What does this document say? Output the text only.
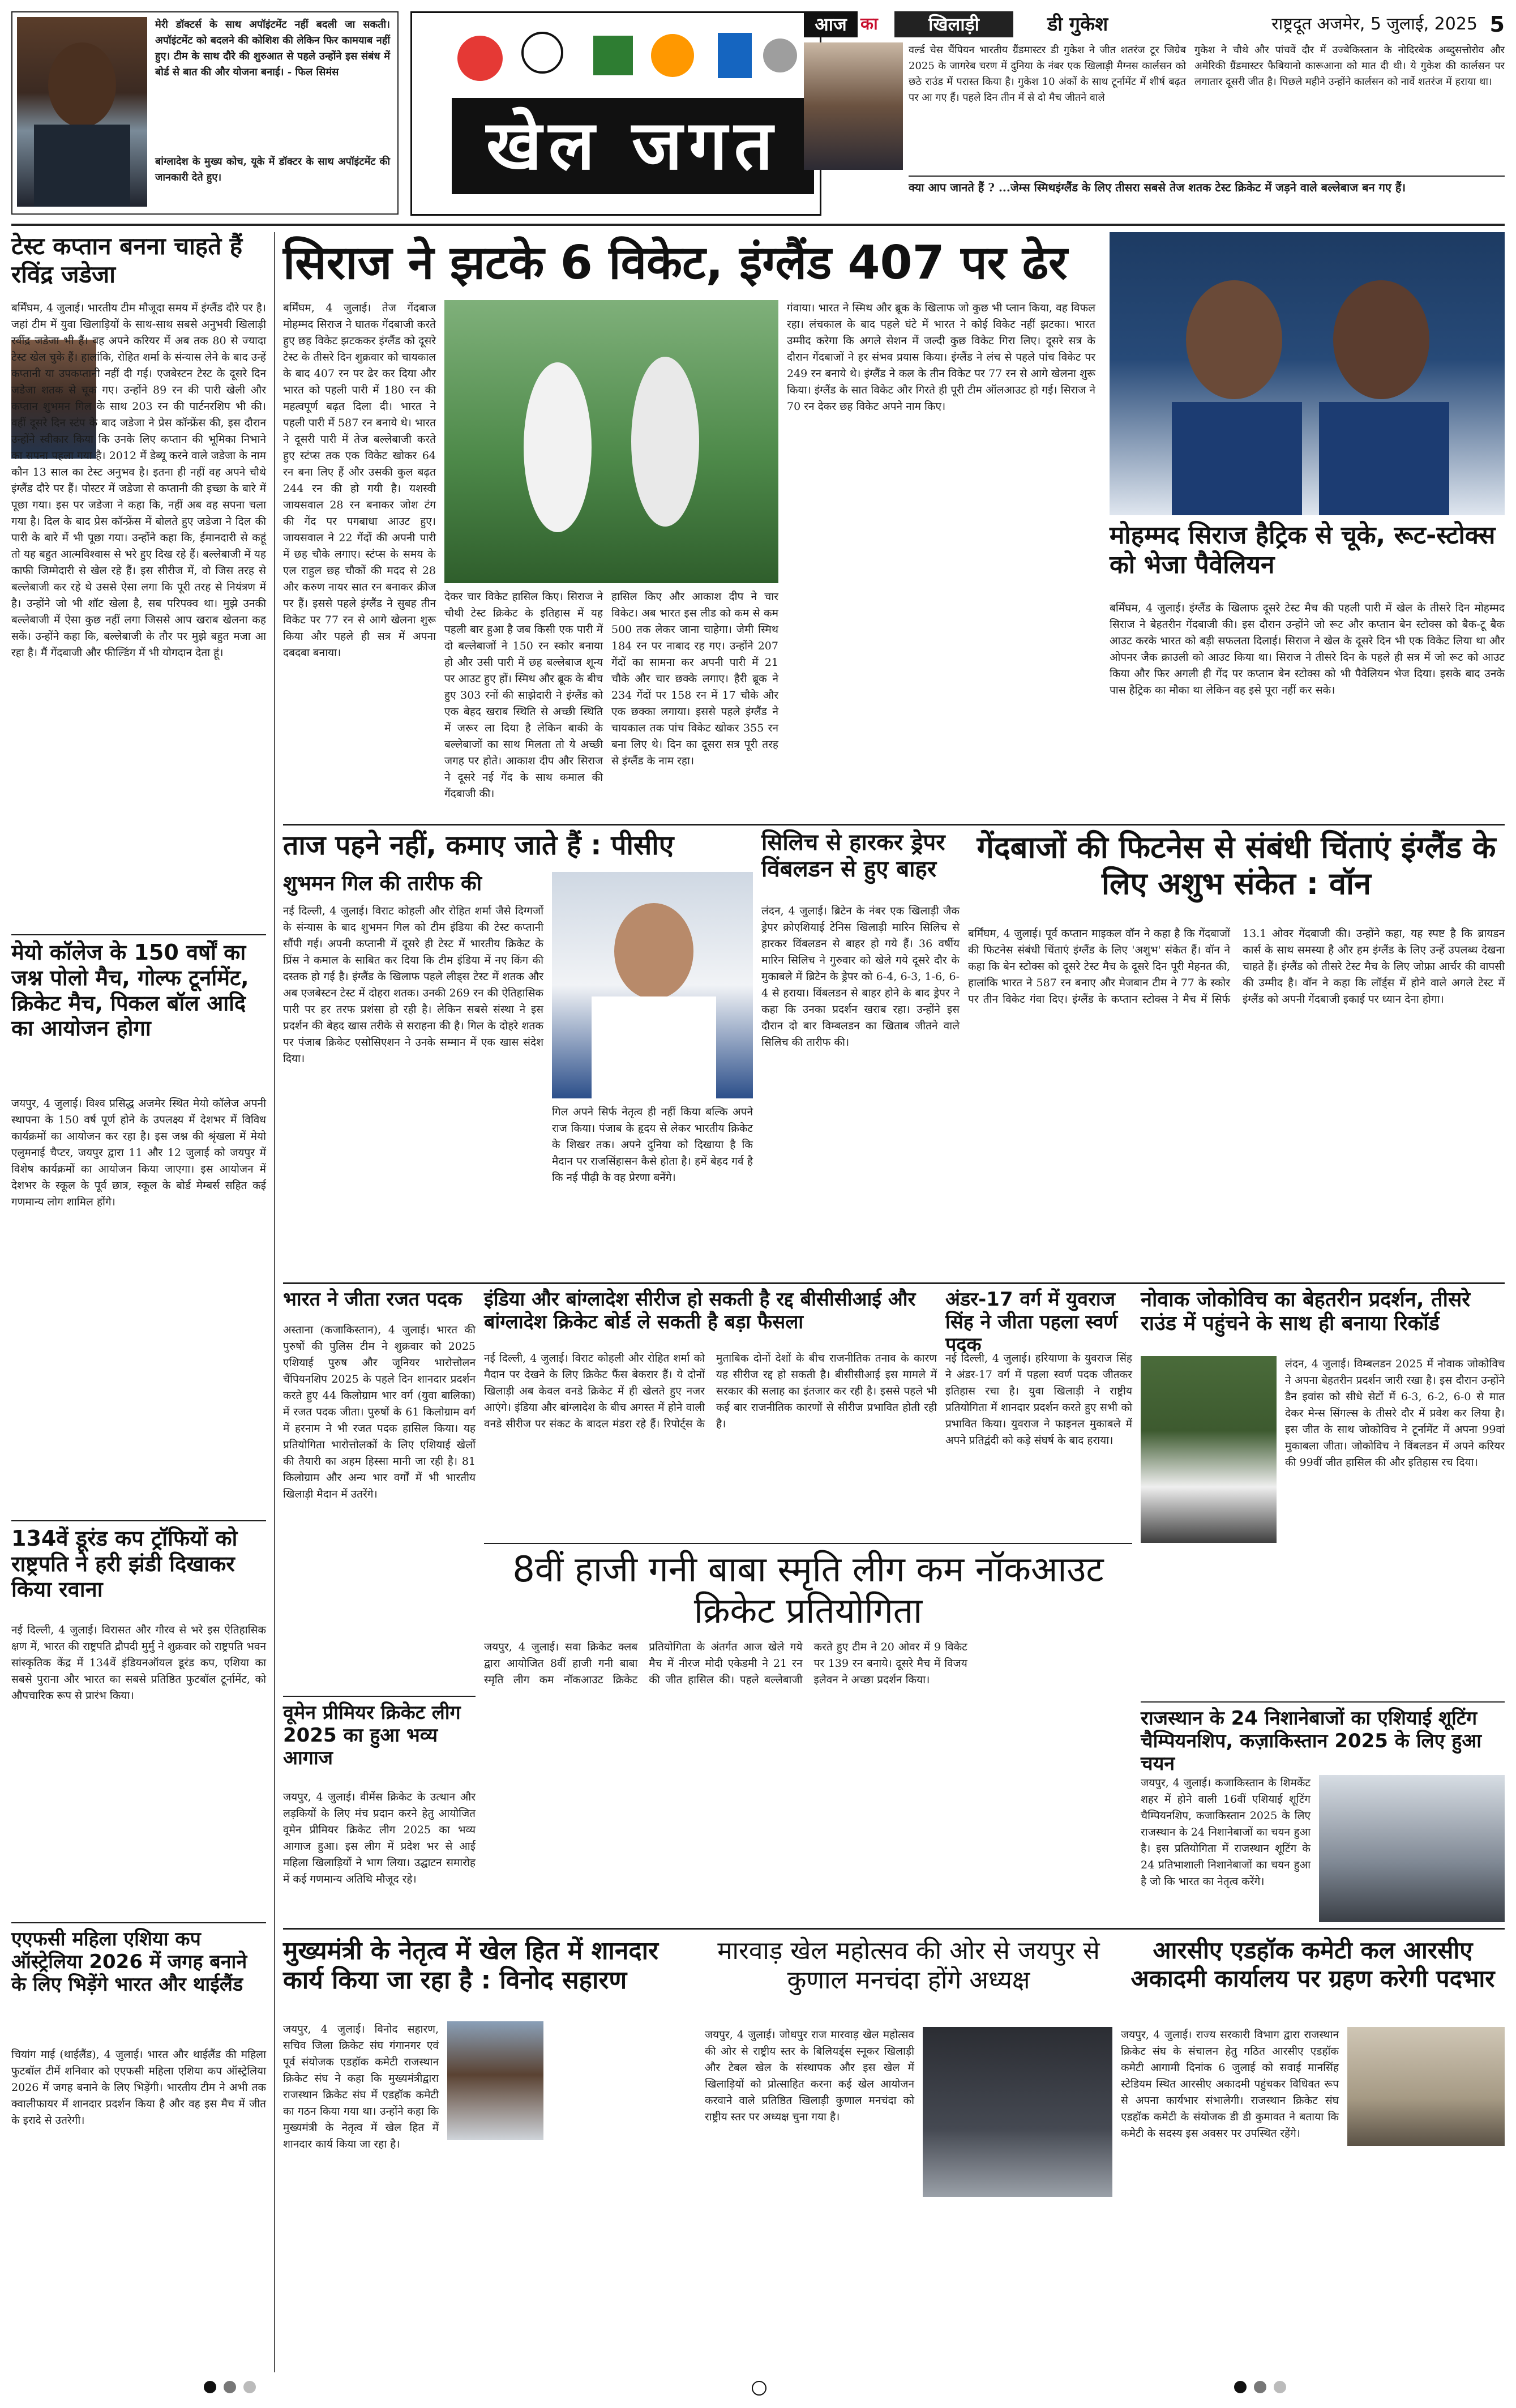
मेरी डॉक्टर्स के साथ अपॉइंटमेंट नहीं बदली जा सकती। अपॉइंटमेंट को बदलने की कोशिश की लेकिन फिर कामयाब नहीं हुए। टीम के साथ दौरे की शुरुआत से पहले उन्होंने इस संबंध में बोर्ड से बात की और योजना बनाई। - फिल सिमंस
बांग्लादेश के मुख्य कोच, यूके में डॉक्टर के साथ अपॉइंटमेंट की जानकारी देते हुए।	खेल जगत
आज का	खिलाड़ी	डी गुकेश	राष्ट्रदूत अजमेर, 5 जुलाई, 2025 5
वर्ल्ड चेस चैंपियन भारतीय ग्रैंडमास्टर डी गुकेश ने जीत शतरंज टूर जिग्रेब 2025 के जागरेब चरण में दुनिया के नंबर एक खिलाड़ी मैग्नस कार्लसन को छठे राउंड में परास्त किया है। गुकेश 10 अंकों के साथ टूर्नामेंट में शीर्ष बढ़त पर आ गए हैं। पहले दिन तीन में से दो मैच जीतने वाले
गुकेश ने चौथे और पांचवें दौर में उज्बेकिस्तान के नोदिरबेक अब्दुसत्तोरोव और अमेरिकी ग्रैंडमास्टर फैबियानो कारूआना को मात दी थी। ये गुकेश की कार्लसन पर लगातार दूसरी जीत है। पिछले महीने उन्होंने कार्लसन को नार्वे शतरंज में हराया था।
क्या आप जानते हैं ? ...जेम्स स्मिथइंग्लैंड के लिए तीसरा सबसे तेज शतक टेस्ट क्रिकेट में जड़ने वाले बल्लेबाज बन गए हैं।
टेस्ट कप्तान बनना चाहते हैं रविंद्र जडेजा
बर्मिंघम, 4 जुलाई। भारतीय टीम मौजूदा समय में इंग्लैंड दौरे पर है। जहां टीम में युवा खिलाड़ियों के साथ-साथ सबसे अनुभवी खिलाड़ी रवींद्र जडेजा भी हैं। वह अपने करियर में अब तक 80 से ज्यादा टेस्ट खेल चुके हैं। हालांकि, रोहित शर्मा के संन्यास लेने के बाद उन्हें कप्तानी या उपकप्तानी नहीं दी गई। एजबेस्टन टेस्ट के दूसरे दिन जडेजा शतक से चूक गए। उन्होंने 89 रन की पारी खेली और कप्तान शुभमन गिल के साथ 203 रन की पार्टनरशिप भी की। वहीं दूसरे दिन स्टंप के बाद जडेजा ने प्रेस कॉन्फ्रेंस की, इस दौरान उन्होंने स्वीकार किया कि उनके लिए कप्तान की भूमिका निभाने का सपना पहला गया है। 2012 में डेब्यू करने वाले जडेजा के नाम कौन 13 साल का टेस्ट अनुभव है। इतना ही नहीं वह अपने चौथे इंग्लैंड दौरे पर हैं। पोस्टर में जडेजा से कप्तानी की इच्छा के बारे में पूछा गया। इस पर जडेजा ने कहा कि, नहीं अब वह सपना चला गया है। दिल के बाद प्रेस कॉन्फ्रेंस में बोलते हुए जडेजा ने दिल की पारी के बारे में भी पूछा गया। उन्होंने कहा कि, ईमानदारी से कहूं तो यह बहुत आत्मविश्वास से भरे हुए दिख रहे हैं। बल्लेबाजी में यह काफी जिम्मेदारी से खेल रहे हैं। इस सीरीज में, वो जिस तरह से बल्लेबाजी कर रहे थे उससे ऐसा लगा कि पूरी तरह से नियंत्रण में है। उन्होंने जो भी शॉट खेला है, सब परिपक्व था। मुझे उनकी बल्लेबाजी में ऐसा कुछ नहीं लगा जिससे आप खराब खेलना कह सकें। उन्होंने कहा कि, बल्लेबाजी के तौर पर मुझे बहुत मजा आ रहा है। मैं गेंदबाजी और फील्डिंग में भी योगदान देता हूं।
मेयो कॉलेज के 150 वर्षों का जश्न पोलो मैच, गोल्फ टूर्नामेंट, क्रिकेट मैच, पिकल बॉल आदि का आयोजन होगा
जयपुर, 4 जुलाई। विश्व प्रसिद्ध अजमेर स्थित मेयो कॉलेज अपनी स्थापना के 150 वर्ष पूर्ण होने के उपलक्ष्य में देशभर में विविध कार्यक्रमों का आयोजन कर रहा है। इस जश्न की श्रृंखला में मेयो एलुमनाई चैप्टर, जयपुर द्वारा 11 और 12 जुलाई को जयपुर में विशेष कार्यक्रमों का आयोजन किया जाएगा। इस आयोजन में देशभर के स्कूल के पूर्व छात्र, स्कूल के बोर्ड मेम्बर्स सहित कई गणमान्य लोग शामिल होंगे।
134वें डूरंड कप ट्रॉफियों को राष्ट्रपति ने हरी झंडी दिखाकर किया रवाना
नई दिल्ली, 4 जुलाई। विरासत और गौरव से भरे इस ऐतिहासिक क्षण में, भारत की राष्ट्रपति द्रौपदी मुर्मु ने शुक्रवार को राष्ट्रपति भवन सांस्कृतिक केंद्र में 134वें इंडियनऑयल डूरंड कप, एशिया का सबसे पुराना और भारत का सबसे प्रतिष्ठित फुटबॉल टूर्नामेंट, को औपचारिक रूप से प्रारंभ किया।
एएफसी महिला एशिया कप ऑस्ट्रेलिया 2026 में जगह बनाने के लिए भिड़ेंगे भारत और थाईलैंड
चियांग माई (थाईलैंड), 4 जुलाई। भारत और थाईलैंड की महिला फुटबॉल टीमें शनिवार को एएफसी महिला एशिया कप ऑस्ट्रेलिया 2026 में जगह बनाने के लिए भिड़ेंगी। भारतीय टीम ने अभी तक क्वालीफायर में शानदार प्रदर्शन किया है और वह इस मैच में जीत के इरादे से उतरेगी।
सिराज ने झटके 6 विकेट, इंग्लैंड 407 पर ढेर
बर्मिंघम, 4 जुलाई। तेज गेंदबाज मोहम्मद सिराज ने घातक गेंदबाजी करते हुए छह विकेट झटककर इंग्लैंड को दूसरे टेस्ट के तीसरे दिन शुक्रवार को चायकाल के बाद 407 रन पर ढेर कर दिया और भारत को पहली पारी में 180 रन की महत्वपूर्ण बढ़त दिला दी। भारत ने पहली पारी में 587 रन बनाये थे। भारत ने दूसरी पारी में तेज बल्लेबाजी करते हुए स्टंप्स तक एक विकेट खोकर 64 रन बना लिए हैं और उसकी कुल बढ़त 244 रन की हो गयी है। यशस्वी जायसवाल 28 रन बनाकर जोश टंग की गेंद पर पगबाधा आउट हुए। जायसवाल ने 22 गेंदों की अपनी पारी में छह चौके लगाए। स्टंप्स के समय के एल राहुल छह चौकों की मदद से 28 और करुण नायर सात रन बनाकर क्रीज पर हैं। इससे पहले इंग्लैंड ने सुबह तीन विकेट पर 77 रन से आगे खेलना शुरू किया और पहले ही सत्र में अपना दबदबा बनाया।
देकर चार विकेट हासिल किए। सिराज ने चौथी टेस्ट क्रिकेट के इतिहास में यह पहली बार हुआ है जब किसी एक पारी में दो बल्लेबाजों ने 150 रन स्कोर बनाया हो और उसी पारी में छह बल्लेबाज शून्य पर आउट हुए हों। स्मिथ और ब्रूक के बीच हुए 303 रनों की साझेदारी ने इंग्लैंड को एक बेहद खराब स्थिति से अच्छी स्थिति में जरूर ला दिया है लेकिन बाकी के बल्लेबाजों का साथ मिलता तो ये अच्छी जगह पर होते। आकाश दीप और सिराज ने दूसरे नई गेंद के साथ कमाल की गेंदबाजी की।
हासिल किए और आकाश दीप ने चार विकेट। अब भारत इस लीड को कम से कम 500 तक लेकर जाना चाहेगा। जेमी स्मिथ 184 रन पर नाबाद रह गए। उन्होंने 207 गेंदों का सामना कर अपनी पारी में 21 चौके और चार छक्के लगाए। हैरी ब्रूक ने 234 गेंदों पर 158 रन में 17 चौके और एक छक्का लगाया। इससे पहले इंग्लैंड ने चायकाल तक पांच विकेट खोकर 355 रन बना लिए थे। दिन का दूसरा सत्र पूरी तरह से इंग्लैंड के नाम रहा।
गंवाया। भारत ने स्मिथ और ब्रूक के खिलाफ जो कुछ भी प्लान किया, वह विफल रहा। लंचकाल के बाद पहले घंटे में भारत ने कोई विकेट नहीं झटका। भारत उम्मीद करेगा कि अगले सेशन में जल्दी कुछ विकेट गिरा लिए। दूसरे सत्र के दौरान गेंदबाजों ने हर संभव प्रयास किया। इंग्लैंड ने लंच से पहले पांच विकेट पर 249 रन बनाये थे। इंग्लैंड ने कल के तीन विकेट पर 77 रन से आगे खेलना शुरू किया। इंग्लैंड के सात विकेट और गिरते ही पूरी टीम ऑलआउट हो गई। सिराज ने 70 रन देकर छह विकेट अपने नाम किए।
मोहम्मद सिराज हैट्रिक से चूके, रूट-स्टोक्स को भेजा पैवेलियन
बर्मिंघम, 4 जुलाई। इंग्लैंड के खिलाफ दूसरे टेस्ट मैच की पहली पारी में खेल के तीसरे दिन मोहम्मद सिराज ने बेहतरीन गेंदबाजी की। इस दौरान उन्होंने जो रूट और कप्तान बेन स्टोक्स को बैक-टू बैक आउट करके भारत को बड़ी सफलता दिलाई। सिराज ने खेल के दूसरे दिन भी एक विकेट लिया था और ओपनर जैक क्राउली को आउट किया था। सिराज ने तीसरे दिन के पहले ही सत्र में जो रूट को आउट किया और फिर अगली ही गेंद पर कप्तान बेन स्टोक्स को भी पैवेलियन भेज दिया। इसके बाद उनके पास हैट्रिक का मौका था लेकिन वह इसे पूरा नहीं कर सके।
ताज पहने नहीं, कमाए जाते हैं : पीसीए
शुभमन गिल की तारीफ की
नई दिल्ली, 4 जुलाई। विराट कोहली और रोहित शर्मा जैसे दिग्गजों के संन्यास के बाद शुभमन गिल को टीम इंडिया की टेस्ट कप्तानी सौंपी गई। अपनी कप्तानी में दूसरे ही टेस्ट में भारतीय क्रिकेट के प्रिंस ने कमाल के साबित कर दिया कि टीम इंडिया में नए किंग की दस्तक हो गई है। इंग्लैंड के खिलाफ पहले लीड्स टेस्ट में शतक और अब एजबेस्टन टेस्ट में दोहरा शतक। उनकी 269 रन की ऐतिहासिक पारी पर हर तरफ प्रशंसा हो रही है। लेकिन सबसे संस्था ने इस प्रदर्शन की बेहद खास तरीके से सराहना की है। गिल के दोहरे शतक पर पंजाब क्रिकेट एसोसिएशन ने उनके सम्मान में एक खास संदेश दिया।
गिल अपने सिर्फ नेतृत्व ही नहीं किया बल्कि अपने राज किया। पंजाब के हृदय से लेकर भारतीय क्रिकेट के शिखर तक। अपने दुनिया को दिखाया है कि मैदान पर राजसिंहासन कैसे होता है। हमें बेहद गर्व है कि नई पीढ़ी के वह प्रेरणा बनेंगे।
सिलिच से हारकर ड्रेपर विंबलडन से हुए बाहर
लंदन, 4 जुलाई। ब्रिटेन के नंबर एक खिलाड़ी जैक ड्रेपर क्रोएशियाई टेनिस खिलाड़ी मारिन सिलिच से हारकर विंबलडन से बाहर हो गये हैं। 36 वर्षीय मारिन सिलिच ने गुरुवार को खेले गये दूसरे दौर के मुकाबले में ब्रिटेन के ड्रेपर को 6-4, 6-3, 1-6, 6-4 से हराया। विंबलडन से बाहर होने के बाद ड्रेपर ने कहा कि उनका प्रदर्शन खराब रहा। उन्होंने इस दौरान दो बार विम्बलडन का खिताब जीतने वाले सिलिच की तारीफ की।
गेंदबाजों की फिटनेस से संबंधी चिंताएं इंग्लैंड के लिए अशुभ संकेत : वॉन
बर्मिंघम, 4 जुलाई। पूर्व कप्तान माइकल वॉन ने कहा है कि गेंदबाजों की फिटनेस संबंधी चिंताएं इंग्लैंड के लिए 'अशुभ' संकेत हैं। वॉन ने कहा कि बेन स्टोक्स को दूसरे टेस्ट मैच के दूसरे दिन पूरी मेहनत की, हालांकि भारत ने 587 रन बनाए और मेजबान टीम ने 77 के स्कोर पर तीन विकेट गंवा दिए। इंग्लैंड के कप्तान स्टोक्स ने मैच में सिर्फ 13.1 ओवर गेंदबाजी की। उन्होंने कहा, यह स्पष्ट है कि ब्रायडन कार्स के साथ समस्या है और हम इंग्लैंड के लिए उन्हें उपलब्ध देखना चाहते हैं। इंग्लैंड को तीसरे टेस्ट मैच के लिए जोफ्रा आर्चर की वापसी की उम्मीद है। वॉन ने कहा कि लॉर्ड्स में होने वाले अगले टेस्ट में इंग्लैंड को अपनी गेंदबाजी इकाई पर ध्यान देना होगा।
भारत ने जीता रजत पदक
अस्ताना (कजाकिस्तान), 4 जुलाई। भारत की पुरुषों की पुलिस टीम ने शुक्रवार को 2025 एशियाई पुरुष और जूनियर भारोत्तोलन चैंपियनशिप 2025 के पहले दिन शानदार प्रदर्शन करते हुए 44 किलोग्राम भार वर्ग (युवा बालिका) में रजत पदक जीता। पुरुषों के 61 किलोग्राम वर्ग में हरनाम ने भी रजत पदक हासिल किया। यह प्रतियोगिता भारोत्तोलकों के लिए एशियाई खेलों की तैयारी का अहम हिस्सा मानी जा रही है। 81 किलोग्राम और अन्य भार वर्गों में भी भारतीय खिलाड़ी मैदान में उतरेंगे।
इंडिया और बांग्लादेश सीरीज हो सकती है रद्द बीसीसीआई और बांग्लादेश क्रिकेट बोर्ड ले सकती है बड़ा फैसला
नई दिल्ली, 4 जुलाई। विराट कोहली और रोहित शर्मा को मैदान पर देखने के लिए क्रिकेट फैंस बेकरार हैं। ये दोनों खिलाड़ी अब केवल वनडे क्रिकेट में ही खेलते हुए नजर आएंगे। इंडिया और बांग्लादेश के बीच अगस्त में होने वाली वनडे सीरीज पर संकट के बादल मंडरा रहे हैं। रिपोर्ट्स के मुताबिक दोनों देशों के बीच राजनीतिक तनाव के कारण यह सीरीज रद्द हो सकती है। बीसीसीआई इस मामले में सरकार की सलाह का इंतजार कर रही है। इससे पहले भी कई बार राजनीतिक कारणों से सीरीज प्रभावित होती रही है।
अंडर-17 वर्ग में युवराज सिंह ने जीता पहला स्वर्ण पदक
नई दिल्ली, 4 जुलाई। हरियाणा के युवराज सिंह ने अंडर-17 वर्ग में पहला स्वर्ण पदक जीतकर इतिहास रचा है। युवा खिलाड़ी ने राष्ट्रीय प्रतियोगिता में शानदार प्रदर्शन करते हुए सभी को प्रभावित किया। युवराज ने फाइनल मुकाबले में अपने प्रतिद्वंदी को कड़े संघर्ष के बाद हराया।
नोवाक जोकोविच का बेहतरीन प्रदर्शन, तीसरे राउंड में पहुंचने के साथ ही बनाया रिकॉर्ड
लंदन, 4 जुलाई। विम्बलडन 2025 में नोवाक जोकोविच ने अपना बेहतरीन प्रदर्शन जारी रखा है। इस दौरान उन्होंने डैन इवांस को सीधे सेटों में 6-3, 6-2, 6-0 से मात देकर मेन्स सिंगल्स के तीसरे दौर में प्रवेश कर लिया है। इस जीत के साथ जोकोविच ने टूर्नामेंट में अपना 99वां मुकाबला जीता। जोकोविच ने विंबलडन में अपने करियर की 99वीं जीत हासिल की और इतिहास रच दिया।
8वीं हाजी गनी बाबा स्मृति लीग कम नॉकआउट क्रिकेट प्रतियोगिता
जयपुर, 4 जुलाई। सवा क्रिकेट क्लब द्वारा आयोजित 8वीं हाजी गनी बाबा स्मृति लीग कम नॉकआउट क्रिकेट प्रतियोगिता के अंतर्गत आज खेले गये मैच में नीरज मोदी एकेडमी ने 21 रन की जीत हासिल की। पहले बल्लेबाजी करते हुए टीम ने 20 ओवर में 9 विकेट पर 139 रन बनाये। दूसरे मैच में विजय इलेवन ने अच्छा प्रदर्शन किया।
वूमेन प्रीमियर क्रिकेट लीग 2025 का हुआ भव्य आगाज
जयपुर, 4 जुलाई। वीमेंस क्रिकेट के उत्थान और लड़कियों के लिए मंच प्रदान करने हेतु आयोजित वूमेन प्रीमियर क्रिकेट लीग 2025 का भव्य आगाज हुआ। इस लीग में प्रदेश भर से आई महिला खिलाड़ियों ने भाग लिया। उद्घाटन समारोह में कई गणमान्य अतिथि मौजूद रहे।
राजस्थान के 24 निशानेबाजों का एशियाई शूटिंग चैम्पियनशिप, कज़ाकिस्तान 2025 के लिए हुआ चयन
जयपुर, 4 जुलाई। कजाकिस्तान के शिमकेंट शहर में होने वाली 16वीं एशियाई शूटिंग चैम्पियनशिप, कजाकिस्तान 2025 के लिए राजस्थान के 24 निशानेबाजों का चयन हुआ है। इस प्रतियोगिता में राजस्थान शूटिंग के 24 प्रतिभाशाली निशानेबाजों का चयन हुआ है जो कि भारत का नेतृत्व करेंगे।
मुख्यमंत्री के नेतृत्व में खेल हित में शानदार कार्य किया जा रहा है : विनोद सहारण
जयपुर, 4 जुलाई। विनोद सहारण, सचिव जिला क्रिकेट संघ गंगानगर एवं पूर्व संयोजक एडहॉक कमेटी राजस्थान क्रिकेट संघ ने कहा कि मुख्यमंत्रीद्वारा राजस्थान क्रिकेट संघ में एडहॉक कमेटी का गठन किया गया था। उन्होंने कहा कि मुख्यमंत्री के नेतृत्व में खेल हित में शानदार कार्य किया जा रहा है।
मारवाड़ खेल महोत्सव की ओर से जयपुर से कुणाल मनचंदा होंगे अध्यक्ष
जयपुर, 4 जुलाई। जोधपुर राज मारवाड़ खेल महोत्सव की ओर से राष्ट्रीय स्तर के बिलियर्ड्स स्नूकर खिलाड़ी और टेबल खेल के संस्थापक और इस खेल में खिलाड़ियों को प्रोत्साहित करना कई खेल आयोजन करवाने वाले प्रतिष्ठित खिलाड़ी कुणाल मनचंदा को राष्ट्रीय स्तर पर अध्यक्ष चुना गया है।
आरसीए एडहॉक कमेटी कल आरसीए अकादमी कार्यालय पर ग्रहण करेगी पदभार
जयपुर, 4 जुलाई। राज्य सरकारी विभाग द्वारा राजस्थान क्रिकेट संघ के संचालन हेतु गठित आरसीए एडहॉक कमेटी आगामी दिनांक 6 जुलाई को सवाई मानसिंह स्टेडियम स्थित आरसीए अकादमी पहुंचकर विधिवत रूप से अपना कार्यभार संभालेगी। राजस्थान क्रिकेट संघ एडहॉक कमेटी के संयोजक डी डी कुमावत ने बताया कि कमेटी के सदस्य इस अवसर पर उपस्थित रहेंगे।
